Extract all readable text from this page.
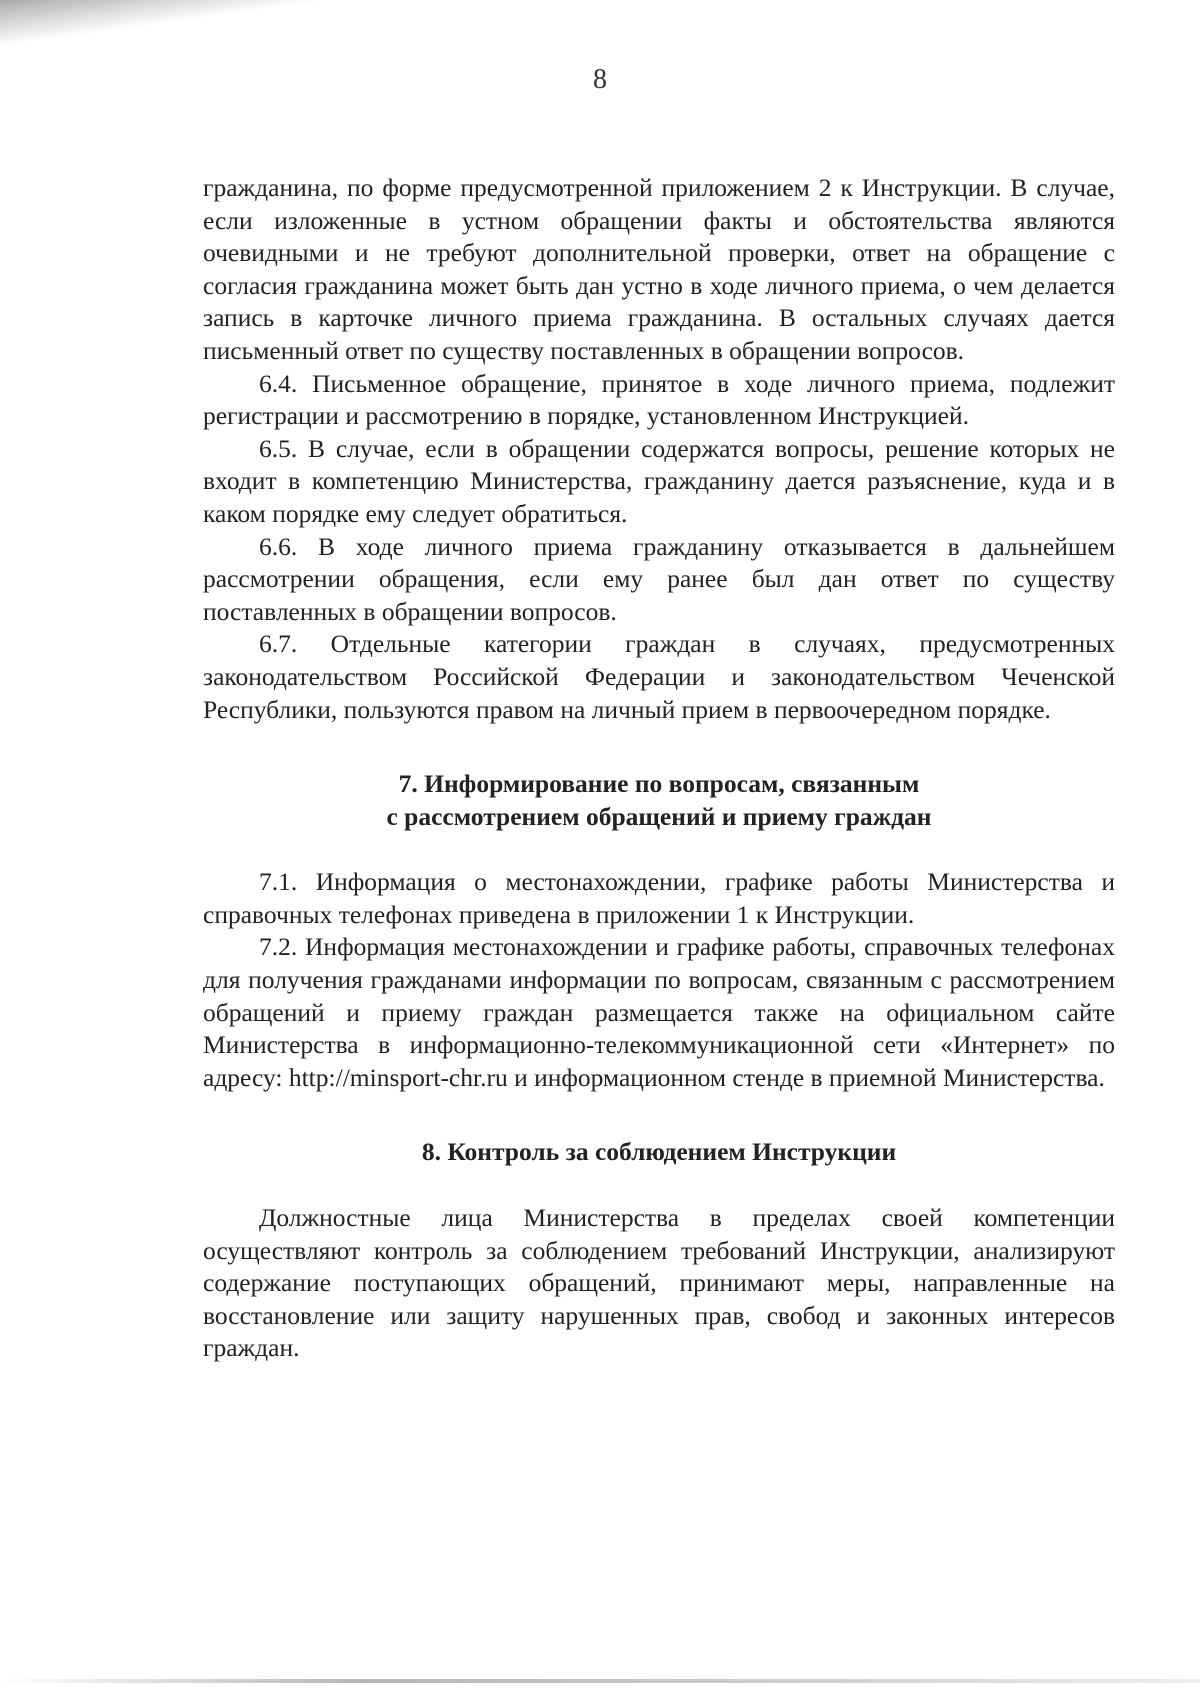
8

гражданина, по форме предусмотренной приложением 2 к Инструкции. В случае, если изложенные в устном обращении факты и обстоятельства являются очевидными и не требуют дополнительной проверки, ответ на обращение с согласия гражданина может быть дан устно в ходе личного приема, о чем делается запись в карточке личного приема гражданина. В остальных случаях дается письменный ответ по существу поставленных в обращении вопросов.

6.4. Письменное обращение, принятое в ходе личного приема, подлежит регистрации и рассмотрению в порядке, установленном Инструкцией.

6.5. В случае, если в обращении содержатся вопросы, решение которых не входит в компетенцию Министерства, гражданину дается разъяснение, куда и в каком порядке ему следует обратиться.

6.6. В ходе личного приема гражданину отказывается в дальнейшем рассмотрении обращения, если ему ранее был дан ответ по существу поставленных в обращении вопросов.

6.7. Отдельные категории граждан в случаях, предусмотренных законодательством Российской Федерации и законодательством Чеченской Республики, пользуются правом на личный прием в первоочередном порядке.

7. Информирование по вопросам, связанным
с рассмотрением обращений и приему граждан

7.1. Информация о местонахождении, графике работы Министерства и справочных телефонах приведена в приложении 1 к Инструкции.

7.2. Информация местонахождении и графике работы, справочных телефонах для получения гражданами информации по вопросам, связанным с рассмотрением обращений и приему граждан размещается также на официальном сайте Министерства в информационно-телекоммуникационной сети «Интернет» по адресу: http://minsport-chr.ru и информационном стенде в приемной Министерства.

8. Контроль за соблюдением Инструкции

Должностные лица Министерства в пределах своей компетенции осуществляют контроль за соблюдением требований Инструкции, анализируют содержание поступающих обращений, принимают меры, направленные на восстановление или защиту нарушенных прав, свобод и законных интересов граждан.
